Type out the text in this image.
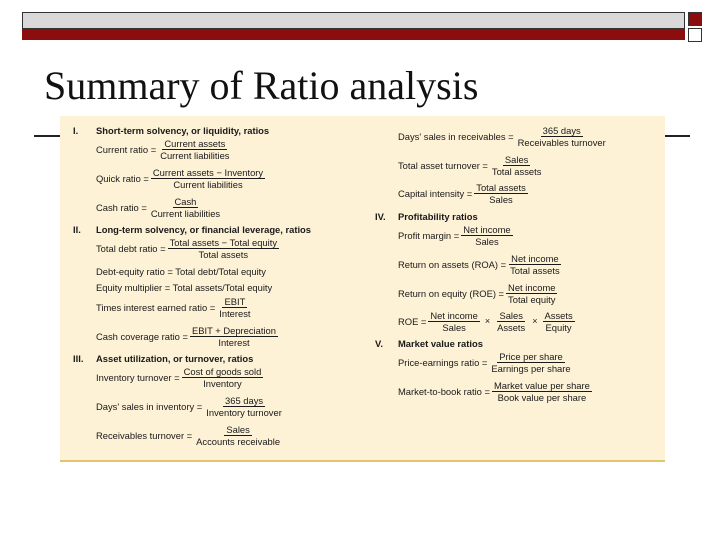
Summary of Ratio analysis
I. Short-term solvency, or liquidity, ratios
Current ratio = $\frac{\text{Current assets}}{\text{Current liabilities}}$
Quick ratio = $\frac{\text{Current assets − Inventory}}{\text{Current liabilities}}$
Cash ratio = $\frac{\text{Cash}}{\text{Current liabilities}}$
II. Long-term solvency, or financial leverage, ratios
Total debt ratio = $\frac{\text{Total assets − Total equity}}{\text{Total assets}}$
Debt-equity ratio = Total debt/Total equity
Equity multiplier = Total assets/Total equity
Times interest earned ratio = $\frac{\text{EBIT}}{\text{Interest}}$
Cash coverage ratio = $\frac{\text{EBIT + Depreciation}}{\text{Interest}}$
III. Asset utilization, or turnover, ratios
Inventory turnover = $\frac{\text{Cost of goods sold}}{\text{Inventory}}$
Days' sales in inventory = $\frac{\text{365 days}}{\text{Inventory turnover}}$
Receivables turnover = $\frac{\text{Sales}}{\text{Accounts receivable}}$
Days' sales in receivables = $\frac{\text{365 days}}{\text{Receivables turnover}}$
Total asset turnover = $\frac{\text{Sales}}{\text{Total assets}}$
Capital intensity = $\frac{\text{Total assets}}{\text{Sales}}$
IV. Profitability ratios
Profit margin = $\frac{\text{Net income}}{\text{Sales}}$
Return on assets $(ROA) = \frac{\text{Net income}}{\text{Total assets}}$
Return on equity $(ROE) = \frac{\text{Net income}}{\text{Total equity}}$
ROE = $\frac{\text{Net income}}{\text{Sales}} \times \frac{\text{Sales}}{\text{Assets}} \times \frac{\text{Assets}}{\text{Equity}}$
V. Market value ratios
Price-earnings ratio = $\frac{\text{Price per share}}{\text{Earnings per share}}$
Market-to-book ratio = $\frac{\text{Market value per share}}{\text{Book value per share}}$
